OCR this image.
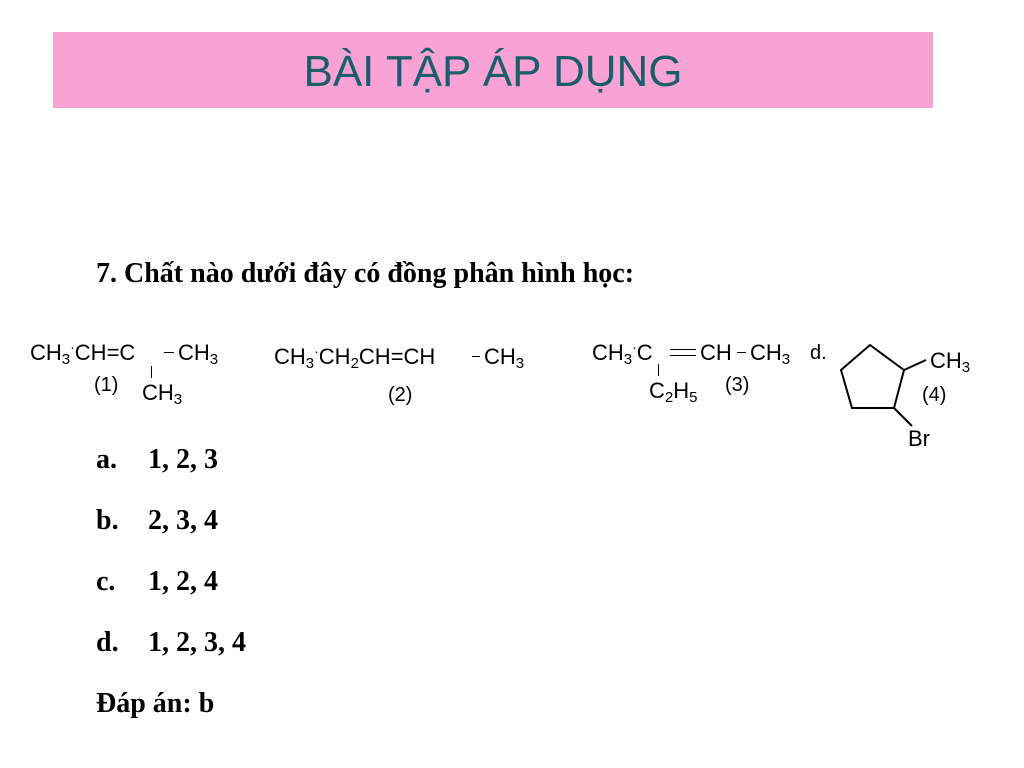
BÀI TẬP ÁP DỤNG
7. Chất nào dưới đây có đồng phân hình học:
$CH_3^\cdot CH=C$ $CH_3$
$CH_3$
(1)
$CH_3^\cdot CH_2CH=CH$ $CH_3$
(2)
$CH_3^\cdot C$ CH $CH_3$
$C_2H_5$
(3)
d.	$CH_3$
(4)
Br
a. 1, 2, 3
b. 2, 3, 4
c. 1, 2, 4
d. 1, 2, 3, 4
Đáp án: b
